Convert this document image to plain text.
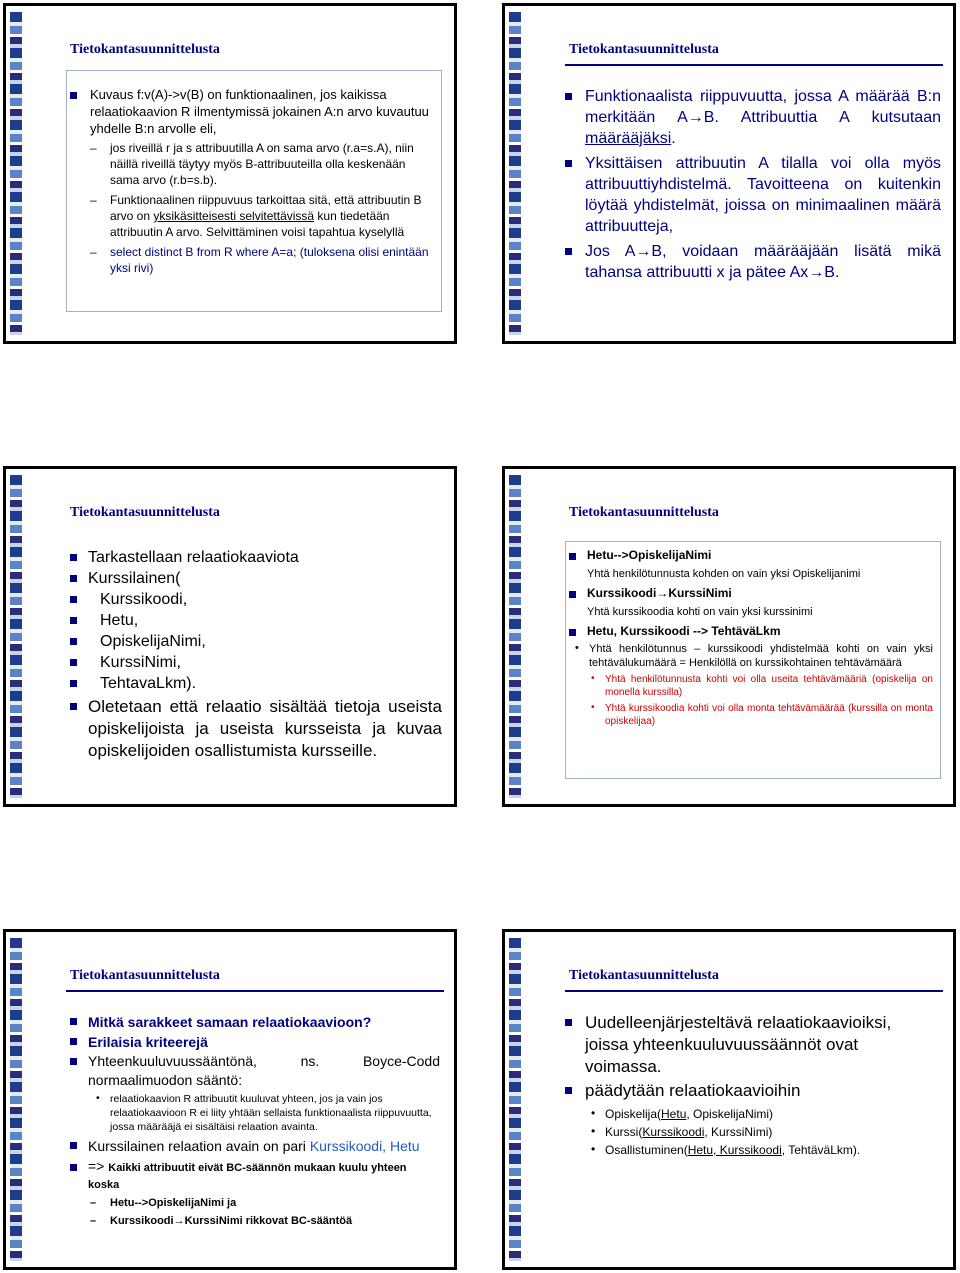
Tietokantasuunnittelusta
Kuvaus f:v(A)->v(B) on funktionaalinen, jos kaikissa relaatiokaavion R ilmentymissä jokainen A:n arvo kuvautuu yhdelle B:n arvolle eli,
– jos riveillä r ja s attribuutilla A on sama arvo (r.a=s.A), niin näillä riveillä täytyy myös B-attribuuteilla olla keskenään sama arvo (r.b=s.b).
– Funktionaalinen riippuvuus tarkoittaa sitä, että attribuutin B arvo on yksikäsitteisesti selvitettävissä kun tiedetään attribuutin A arvo. Selvittäminen voisi tapahtua kyselyllä
– select distinct B from R where A=a; (tuloksena olisi enintään yksi rivi)
Tietokantasuunnittelusta
Funktionaalista riippuvuutta, jossa A määrää B:n merkitään A→B. Attribuuttia A kutsutaan määrääjäksi.
Yksittäisen attribuutin A tilalla voi olla myös attribuuttiyhdistelmä. Tavoitteena on kuitenkin löytää yhdistelmät, joissa on minimaalinen määrä attribuutteja,
Jos A→B, voidaan määrääjään lisätä mikä tahansa attribuutti x ja pätee Ax→B.
Tietokantasuunnittelusta
Tarkastellaan relaatiokaaviota
Kurssilainen(
Kurssikoodi,
Hetu,
OpiskelijaNimi,
KurssiNimi,
TehtavaLkm).
Oletetaan että relaatio sisältää tietoja useista opiskelijoista ja useista kursseista ja kuvaa opiskelijoiden osallistumista kursseille.
Tietokantasuunnittelusta
Hetu-->OpiskelijaNimi
Yhtä henkilötunnusta kohden on vain yksi Opiskelijanimi
Kurssikoodi→KurssiNimi
Yhtä kurssikoodia kohti on vain yksi kurssinimi
Hetu, Kurssikoodi --> TehtäväLkm
• Yhtä henkilötunnus – kurssikoodi yhdistelmää kohti on vain yksi tehtävälukumäärä = Henkilöllä on kurssikohtainen tehtävämäärä
• Yhtä henkilötunnusta kohti voi olla useita tehtävämääriä (opiskelija on monella kurssilla)
• Yhtä kurssikoodia kohti voi olla monta tehtävämäärää (kurssilla on monta opiskelijaa)
Tietokantasuunnittelusta
Mitkä sarakkeet samaan relaatiokaavioon?
Erilaisia kriteerejä
Yhteenkuuluvuussääntönä,	ns.	Boyce-Codd
normaalimuodon sääntö:
• relaatiokaavion R attribuutit kuuluvat yhteen, jos ja vain jos relaatiokaavioon R ei liity yhtään sellaista funktionaalista riippuvuutta, jossa määrääjä ei sisältäisi relaation avainta.
Kurssilainen relaation avain on pari Kurssikoodi, Hetu
=> Kaikki attribuutit eivät BC-säännön mukaan kuulu yhteen koska
– Hetu-->OpiskelijaNimi ja
– Kurssikoodi→KurssiNimi rikkovat BC-sääntöä
Tietokantasuunnittelusta
Uudelleenjärjesteltävä relaatiokaavioiksi, joissa yhteenkuuluvuussäännöt ovat voimassa.
päädytään relaatiokaavioihin
• Opiskelija(Hetu, OpiskelijaNimi)
• Kurssi(Kurssikoodi, KurssiNimi)
• Osallistuminen(Hetu, Kurssikoodi, TehtäväLkm).
